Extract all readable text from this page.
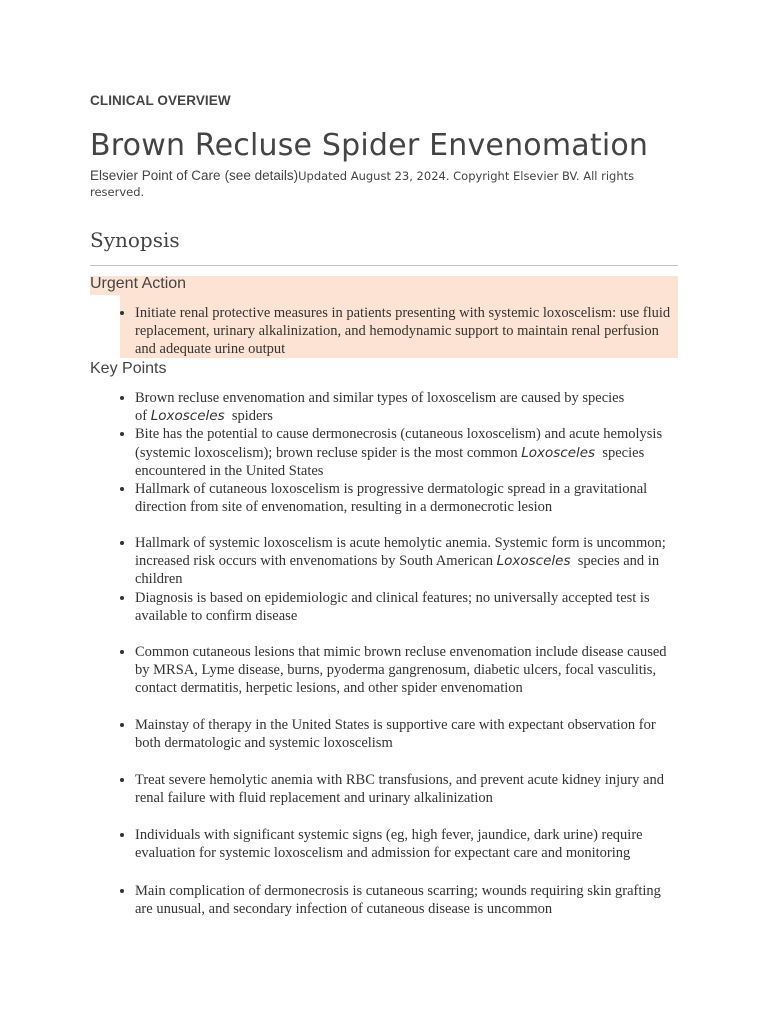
CLINICAL OVERVIEW
Brown Recluse Spider Envenomation
Elsevier Point of Care (see details)Updated August 23, 2024. Copyright Elsevier BV. All rights reserved.
Synopsis
Urgent Action
• Initiate renal protective measures in patients presenting with systemic loxoscelism: use fluid replacement, urinary alkalinization, and hemodynamic support to maintain renal perfusion and adequate urine output
Key Points
• Brown recluse envenomation and similar types of loxoscelism are caused by species of Loxosceles spiders
• Bite has the potential to cause dermonecrosis (cutaneous loxoscelism) and acute hemolysis (systemic loxoscelism); brown recluse spider is the most common Loxosceles species encountered in the United States
• Hallmark of cutaneous loxoscelism is progressive dermatologic spread in a gravitational direction from site of envenomation, resulting in a dermonecrotic lesion
• Hallmark of systemic loxoscelism is acute hemolytic anemia. Systemic form is uncommon; increased risk occurs with envenomations by South American Loxosceles species and in children
• Diagnosis is based on epidemiologic and clinical features; no universally accepted test is available to confirm disease
• Common cutaneous lesions that mimic brown recluse envenomation include disease caused by MRSA, Lyme disease, burns, pyoderma gangrenosum, diabetic ulcers, focal vasculitis, contact dermatitis, herpetic lesions, and other spider envenomation
• Mainstay of therapy in the United States is supportive care with expectant observation for both dermatologic and systemic loxoscelism
• Treat severe hemolytic anemia with RBC transfusions, and prevent acute kidney injury and renal failure with fluid replacement and urinary alkalinization
• Individuals with significant systemic signs (eg, high fever, jaundice, dark urine) require evaluation for systemic loxoscelism and admission for expectant care and monitoring
• Main complication of dermonecrosis is cutaneous scarring; wounds requiring skin grafting are unusual, and secondary infection of cutaneous disease is uncommon
